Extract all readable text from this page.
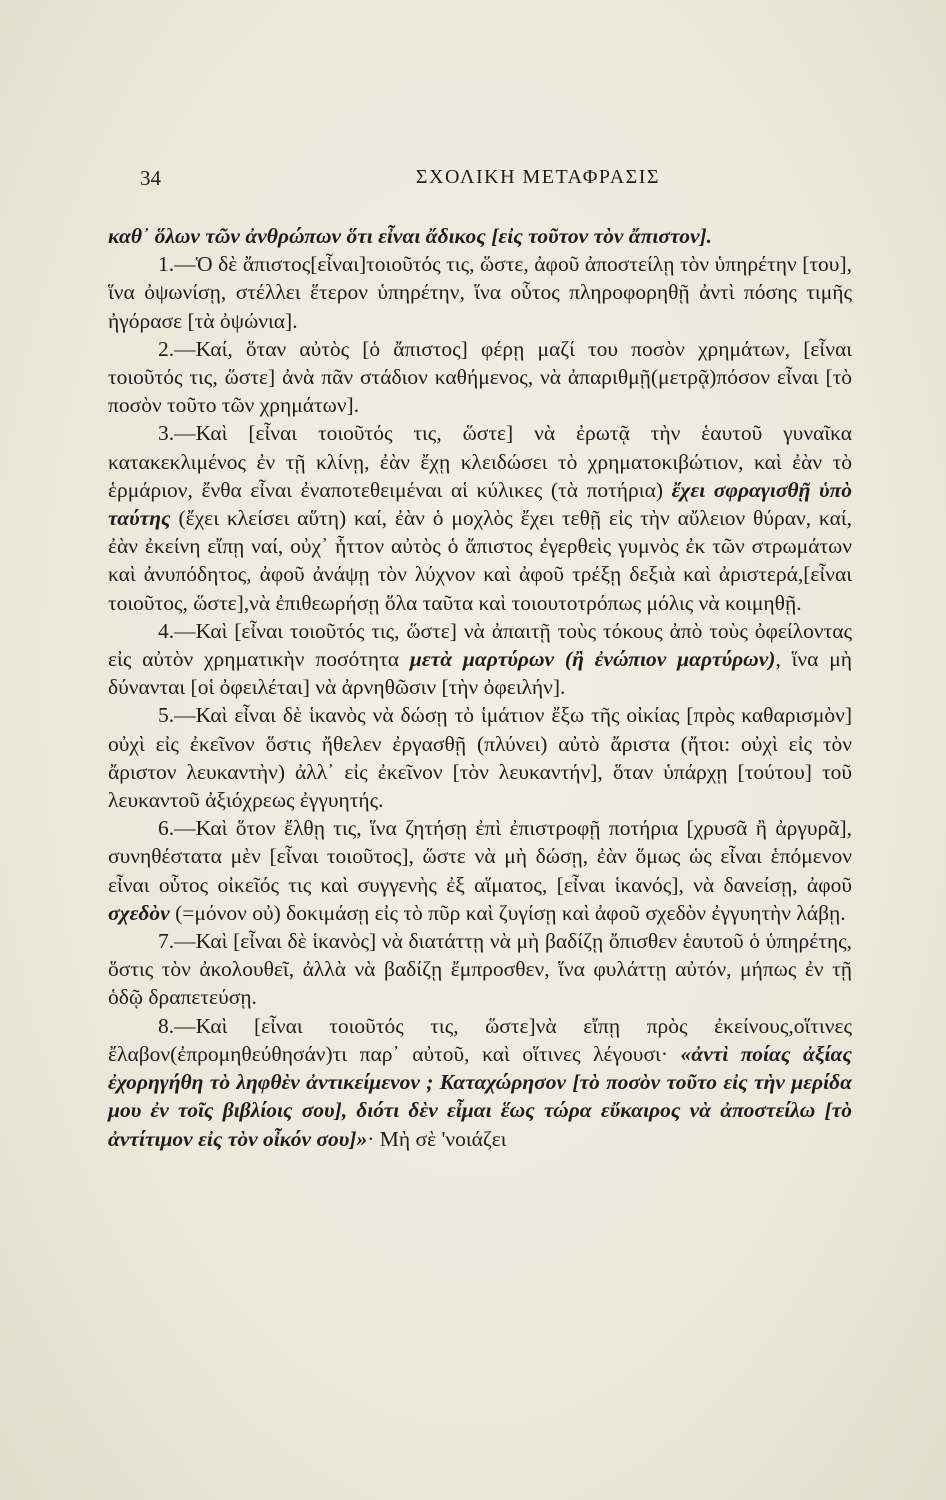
34	ΣΧΟΛΙΚΗ ΜΕΤΑΦΡΑΣΙΣ

καθ᾽ ὅλων τῶν ἀνθρώπων ὅτι εἶναι ἄδικος [εἰς τοῦτον τὸν ἄπιστον].

1.—Ὁ δὲ ἄπιστος[εἶναι]τοιοῦτός τις, ὥστε, ἀφοῦ ἀποστείλῃ τὸν ὑπηρέτην [του], ἵνα ὀψωνίσῃ, στέλλει ἕτερον ὑπηρέτην, ἵνα οὗτος πληροφορηθῇ ἀντὶ πόσης τιμῆς ἠγόρασε [τὰ ὀψώνια].

2.—Καί, ὅταν αὐτὸς [ὁ ἄπιστος] φέρῃ μαζί του ποσὸν χρημάτων, [εἶναι τοιοῦτός τις, ὥστε] ἀνὰ πᾶν στάδιον καθήμενος, νὰ ἀπαριθμῇ(μετρᾷ)πόσον εἶναι [τὸ ποσὸν τοῦτο τῶν χρημάτων].

3.—Καὶ [εἶναι τοιοῦτός τις, ὥστε] νὰ ἐρωτᾷ τὴν ἑαυτοῦ γυναῖκα κατακεκλιμένος ἐν τῇ κλίνῃ, ἐὰν ἔχῃ κλειδώσει τὸ χρηματοκιβώτιον, καὶ ἐὰν τὸ ἑρμάριον, ἔνθα εἶναι ἐναποτεθειμέναι αἱ κύλικες (τὰ ποτήρια) ἔχει σφραγισθῇ ὑπὸ ταύτης (ἔχει κλείσει αὕτη) καί, ἐὰν ὁ μοχλὸς ἔχει τεθῇ εἰς τὴν αὔλειον θύραν, καί, ἐὰν ἐκείνη εἴπῃ ναί, οὐχ᾽ ἧττον αὐτὸς ὁ ἄπιστος ἐγερθεὶς γυμνὸς ἐκ τῶν στρωμάτων καὶ ἀνυπόδητος, ἀφοῦ ἀνάψῃ τὸν λύχνον καὶ ἀφοῦ τρέξῃ δεξιὰ καὶ ἀριστερά,[εἶναι τοιοῦτος, ὥστε],νὰ ἐπιθεωρήσῃ ὅλα ταῦτα καὶ τοιουτοτρόπως μόλις νὰ κοιμηθῇ.

4.—Καὶ [εἶναι τοιοῦτός τις, ὥστε] νὰ ἀπαιτῇ τοὺς τόκους ἀπὸ τοὺς ὀφείλοντας εἰς αὐτὸν χρηματικὴν ποσότητα μετὰ μαρτύρων (ἢ ἐνώπιον μαρτύρων), ἵνα μὴ δύνανται [οἱ ὀφειλέται] νὰ ἀρνηθῶσιν [τὴν ὀφειλήν].

5.—Καὶ εἶναι δὲ ἱκανὸς νὰ δώσῃ τὸ ἱμάτιον ἔξω τῆς οἰκίας [πρὸς καθαρισμὸν] οὐχὶ εἰς ἐκεῖνον ὅστις ἤθελεν ἐργασθῇ (πλύνει) αὐτὸ ἄριστα (ἤτοι: οὐχὶ εἰς τὸν ἄριστον λευκαντὴν) ἀλλ᾽ εἰς ἐκεῖνον [τὸν λευκαντήν], ὅταν ὑπάρχῃ [τούτου] τοῦ λευκαντοῦ ἀξιόχρεως ἐγγυητής.

6.—Καὶ ὅτον ἔλθῃ τις, ἵνα ζητήσῃ ἐπὶ ἐπιστροφῇ ποτήρια [χρυσᾶ ἢ ἀργυρᾶ], συνηθέστατα μὲν [εἶναι τοιοῦτος], ὥστε νὰ μὴ δώσῃ, ἐὰν ὅμως ὡς εἶναι ἑπόμενον εἶναι οὗτος οἰκεῖός τις καὶ συγγενὴς ἐξ αἵματος, [εἶναι ἱκανός], νὰ δανείσῃ, ἀφοῦ σχεδὸν (=μόνον οὐ) δοκιμάσῃ εἰς τὸ πῦρ καὶ ζυγίσῃ καὶ ἀφοῦ σχεδὸν ἐγγυητὴν λάβῃ.

7.—Καὶ [εἶναι δὲ ἱκανὸς] νὰ διατάττῃ νὰ μὴ βαδίζῃ ὄπισθεν ἑαυτοῦ ὁ ὑπηρέτης, ὅστις τὸν ἀκολουθεῖ, ἀλλὰ νὰ βαδίζῃ ἔμπροσθεν, ἵνα φυλάττῃ αὐτόν, μήπως ἐν τῇ ὁδῷ δραπετεύσῃ.

8.—Καὶ [εἶναι τοιοῦτός τις, ὥστε]νὰ εἴπῃ πρὸς ἐκείνους,οἵτινες ἔλαβον(ἐπρομηθεύθησάν)τι παρ᾽ αὐτοῦ, καὶ οἵτινες λέγουσι· «ἀντὶ ποίας ἀξίας ἐχορηγήθη τὸ ληφθὲν ἀντικείμενον ; Καταχώρησον [τὸ ποσὸν τοῦτο εἰς τὴν μερίδα μου ἐν τοῖς βιβλίοις σου], διότι δὲν εἶμαι ἕως τώρα εὔκαιρος νὰ ἀποστείλω [τὸ ἀντίτιμον εἰς τὸν οἶκόν σου]»· Μὴ σὲ 'νοιάζει
